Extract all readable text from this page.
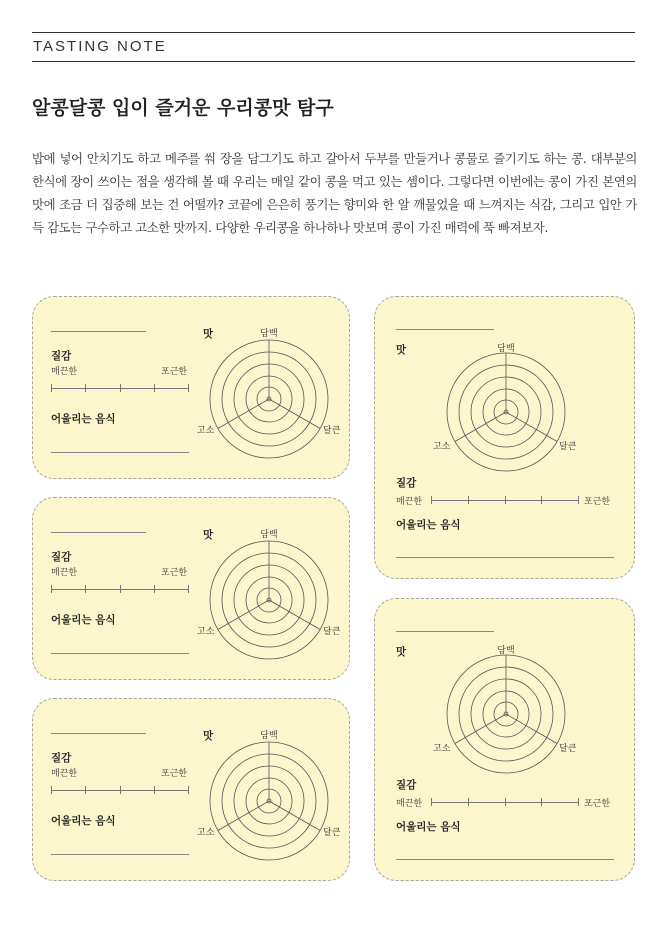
TASTING NOTE
알콩달콩 입이 즐거운 우리콩맛 탐구

밥에 넣어 안치기도 하고 메주를 쒀 장을 담그기도 하고 갈아서 두부를 만들거나 콩물로 즐기기도 하는 콩. 대부분의 한식에 장이 쓰이는 점을 생각해 볼 때 우리는 매일 같이 콩을 먹고 있는 셈이다. 그렇다면 이번에는 콩이 가진 본연의 맛에 조금 더 집중해 보는 건 어떨까? 코끝에 은은히 풍기는 향미와 한 알 깨물었을 때 느껴지는 식감, 그리고 입안 가득 감도는 구수하고 고소한 맛까지. 다양한 우리콩을 하나하나 맛보며 콩이 가진 매력에 푹 빠져보자.

질감
매끈한	포근한
어울리는 음식
맛	담백
고소	달큰
질감
매끈한	포근한
어울리는 음식
맛	담백
고소	달큰
질감
매끈한	포근한
어울리는 음식
맛	담백
고소	달큰
맛	담백
고소	달큰
질감
매끈한	포근한
어울리는 음식
맛	담백
고소	달큰
질감
매끈한	포근한
어울리는 음식
